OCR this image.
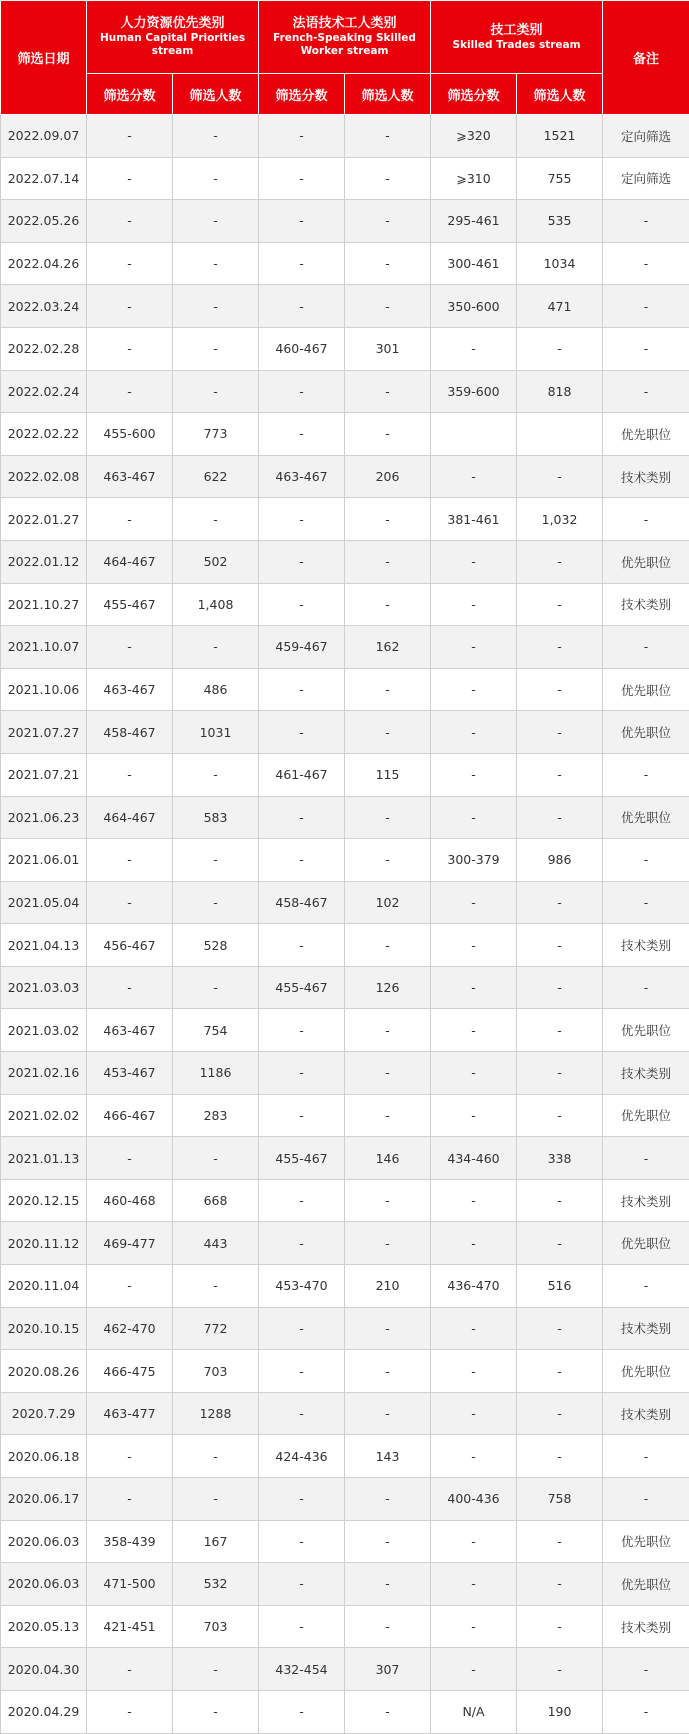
筛选日期	人力资源优先类别
Human Capital Priorities stream		法语技术工人类别
French-Speaking Skilled Worker stream		技工类别
Skilled Trades stream		备注
	筛选分数	筛选人数	筛选分数	筛选人数	筛选分数	筛选人数	
2022.09.07	-	-	-	-	⩾320	1521	定向筛选
2022.07.14	-	-	-	-	⩾310	755	定向筛选
2022.05.26	-	-	-	-	295-461	535	-
2022.04.26	-	-	-	-	300-461	1034	-
2022.03.24	-	-	-	-	350-600	471	-
2022.02.28	-	-	460-467	301	-	-	-
2022.02.24	-	-	-	-	359-600	818	-
2022.02.22	455-600	773	-	-			优先职位
2022.02.08	463-467	622	463-467	206	-	-	技术类别
2022.01.27	-	-	-	-	381-461	1,032	-
2022.01.12	464-467	502	-	-	-	-	优先职位
2021.10.27	455-467	1,408	-	-	-	-	技术类别
2021.10.07	-	-	459-467	162	-	-	-
2021.10.06	463-467	486	-	-	-	-	优先职位
2021.07.27	458-467	1031	-	-	-	-	优先职位
2021.07.21	-	-	461-467	115	-	-	-
2021.06.23	464-467	583	-	-	-	-	优先职位
2021.06.01	-	-	-	-	300-379	986	-
2021.05.04	-	-	458-467	102	-	-	-
2021.04.13	456-467	528	-	-	-	-	技术类别
2021.03.03	-	-	455-467	126	-	-	-
2021.03.02	463-467	754	-	-	-	-	优先职位
2021.02.16	453-467	1186	-	-	-	-	技术类别
2021.02.02	466-467	283	-	-	-	-	优先职位
2021.01.13	-	-	455-467	146	434-460	338	-
2020.12.15	460-468	668	-	-	-	-	技术类别
2020.11.12	469-477	443	-	-	-	-	优先职位
2020.11.04	-	-	453-470	210	436-470	516	-
2020.10.15	462-470	772	-	-	-	-	技术类别
2020.08.26	466-475	703	-	-	-	-	优先职位
2020.7.29	463-477	1288	-	-	-	-	技术类别
2020.06.18	-	-	424-436	143	-	-	-
2020.06.17	-	-	-	-	400-436	758	-
2020.06.03	358-439	167	-	-	-	-	优先职位
2020.06.03	471-500	532	-	-	-	-	优先职位
2020.05.13	421-451	703	-	-	-	-	技术类别
2020.04.30	-	-	432-454	307	-	-	-
2020.04.29	-	-	-	-	N/A	190	-
